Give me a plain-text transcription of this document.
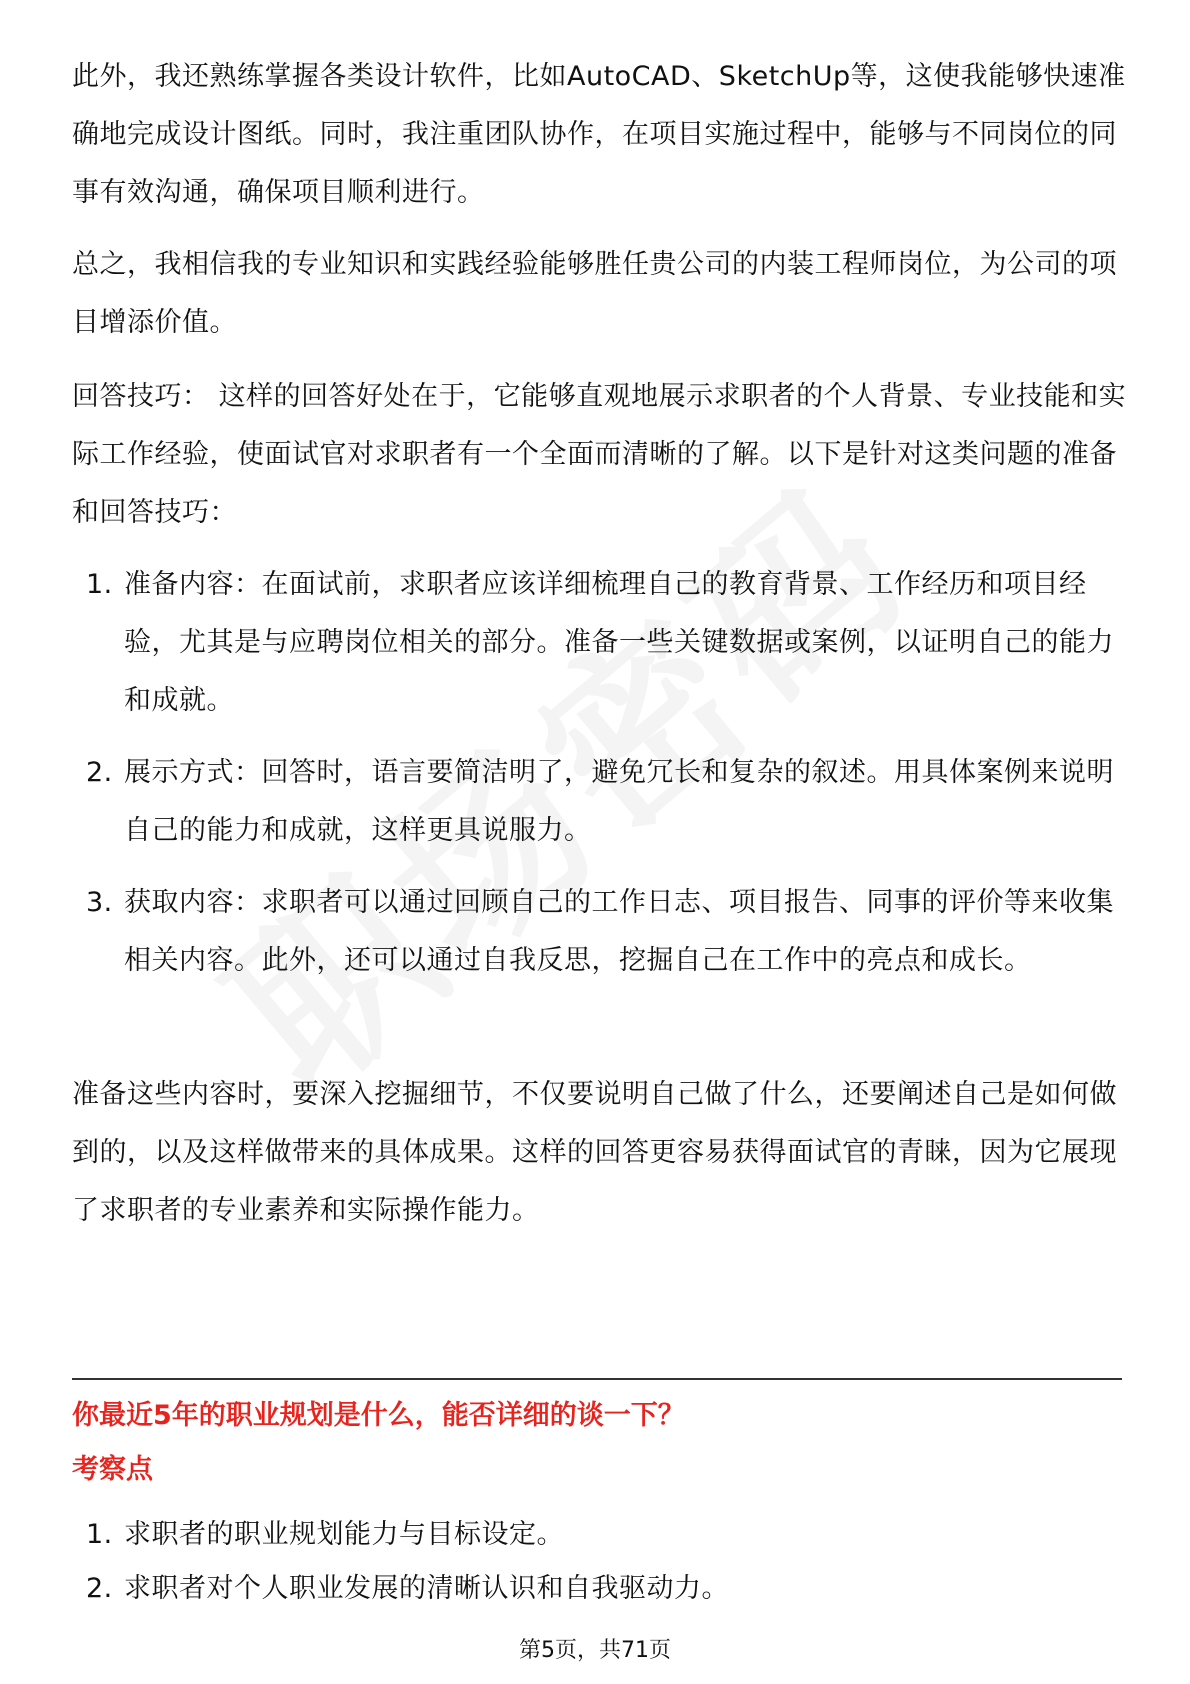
此外，我还熟练掌握各类设计软件，比如AutoCAD、SketchUp等，这使我能够快速准确地完成设计图纸。同时，我注重团队协作，在项目实施过程中，能够与不同岗位的同事有效沟通，确保项目顺利进行。

总之，我相信我的专业知识和实践经验能够胜任贵公司的内装工程师岗位，为公司的项目增添价值。

回答技巧： 这样的回答好处在于，它能够直观地展示求职者的个人背景、专业技能和实际工作经验，使面试官对求职者有一个全面而清晰的了解。以下是针对这类问题的准备和回答技巧：

1. 准备内容：在面试前，求职者应该详细梳理自己的教育背景、工作经历和项目经验，尤其是与应聘岗位相关的部分。准备一些关键数据或案例，以证明自己的能力和成就。
2. 展示方式：回答时，语言要简洁明了，避免冗长和复杂的叙述。用具体案例来说明自己的能力和成就，这样更具说服力。
3. 获取内容：求职者可以通过回顾自己的工作日志、项目报告、同事的评价等来收集相关内容。此外，还可以通过自我反思，挖掘自己在工作中的亮点和成长。

准备这些内容时，要深入挖掘细节，不仅要说明自己做了什么，还要阐述自己是如何做到的，以及这样做带来的具体成果。这样的回答更容易获得面试官的青睐，因为它展现了求职者的专业素养和实际操作能力。

你最近5年的职业规划是什么，能否详细的谈一下？

考察点

1. 求职者的职业规划能力与目标设定。
2. 求职者对个人职业发展的清晰认识和自我驱动力。
第5页，共71页
